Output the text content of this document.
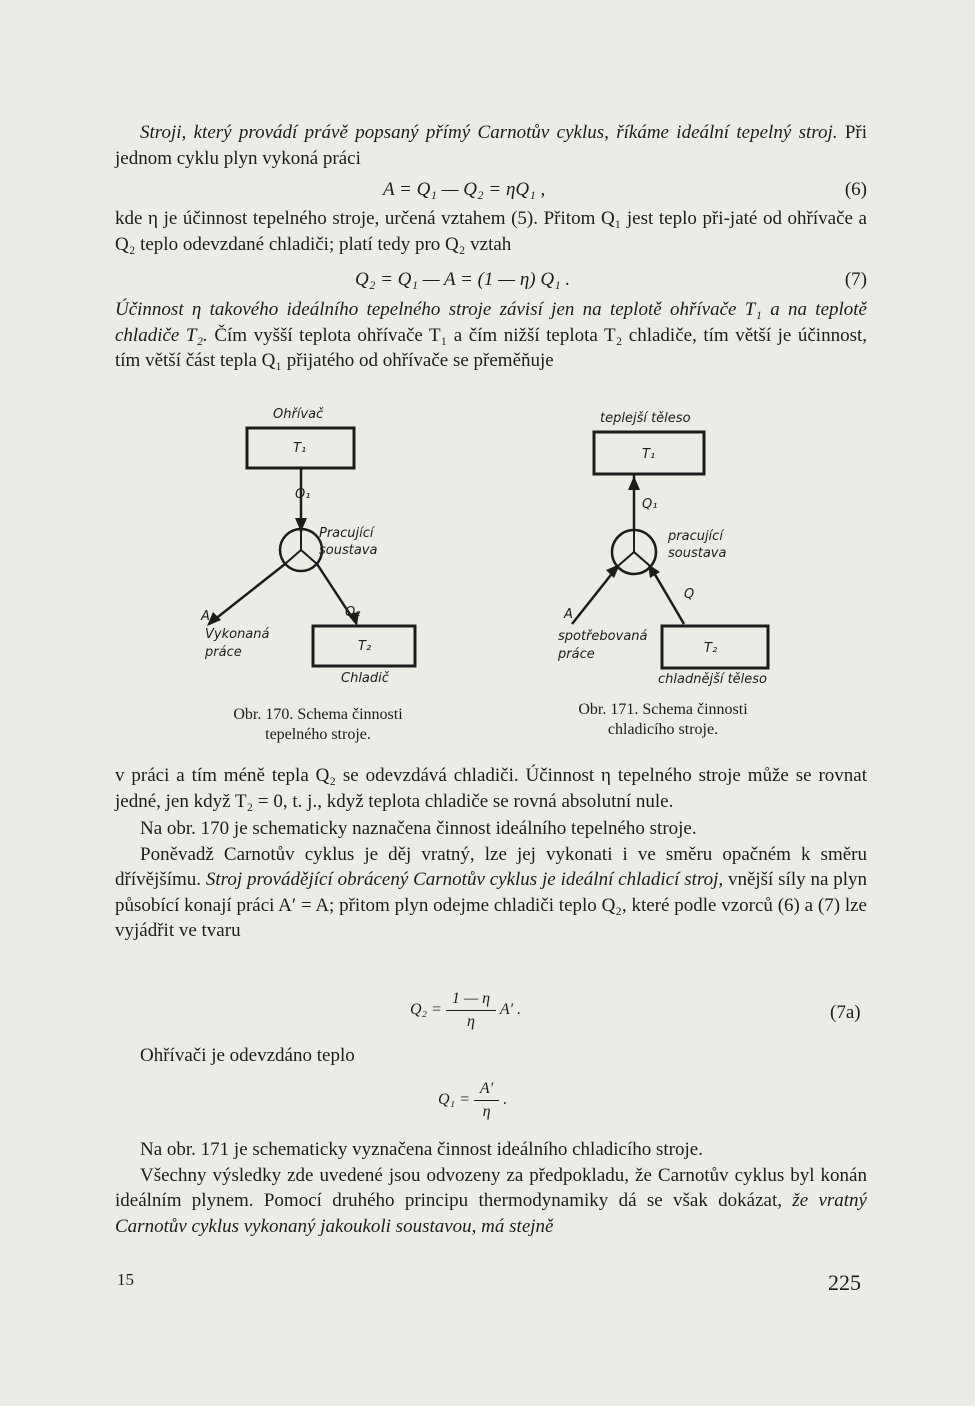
Stroji, který provádí právě popsaný přímý Carnotův cyklus, říkáme ideální tepelný stroj. Při jednom cyklu plyn vykoná práci

A = Q₁ — Q₂ = ηQ₁ ,	(6)

kde η je účinnost tepelného stroje, určená vztahem (5). Přitom Q₁ jest teplo při-jaté od ohřívače a Q₂ teplo odevzdané chladiči; platí tedy pro Q₂ vztah

Q₂ = Q₁ — A = (1 — η) Q₁ .	(7)

Účinnost η takového ideálního tepelného stroje závisí jen na teplotě ohřívače T₁ a na teplotě chladiče T₂. Čím vyšší teplota ohřívače T₁ a čím nižší teplota T₂ chladiče, tím větší je účinnost, tím větší část tepla Q₁ přijatého od ohřívače se přeměňuje

Ohřívač
T₁
Q₁
Pracující
soustava
A
Vykonaná
práce
Q₂
T₂
Chladič
Obr. 170. Schema činnosti
tepelného stroje.
teplejší těleso
T₁
Q₁
pracující
soustava
A
spotřebovaná
práce
Q
T₂
chladnější těleso
Obr. 171. Schema činnosti
chladicího stroje.

v práci a tím méně tepla Q₂ se odevzdává chladiči. Účinnost η tepelného stroje může se rovnat jedné, jen když T₂ = 0, t. j., když teplota chladiče se rovná absolutní nule.

Na obr. 170 je schematicky naznačena činnost ideálního tepelného stroje.

Poněvadž Carnotův cyklus je děj vratný, lze jej vykonati i ve směru opačném k směru dřívějšímu. Stroj provádějící obrácený Carnotův cyklus je ideální chladicí stroj, vnější síly na plyn působící konají práci A′ = A; přitom plyn odejme chladiči teplo Q₂, které podle vzorců (6) a (7) lze vyjádřit ve tvaru

$Q_2 = \frac{1 — \eta}{\eta} A'$ .	(7a)
Ohřívači je odevzdáno teplo
$Q_1 = \frac{A'}{\eta}$ .

Na obr. 171 je schematicky vyznačena činnost ideálního chladicího stroje.

Všechny výsledky zde uvedené jsou odvozeny za předpokladu, že Carnotův cyklus byl konán ideálním plynem. Pomocí druhého principu thermodynamiky dá se však dokázat, že vratný Carnotův cyklus vykonaný jakoukoli soustavou, má stejně

15	225
